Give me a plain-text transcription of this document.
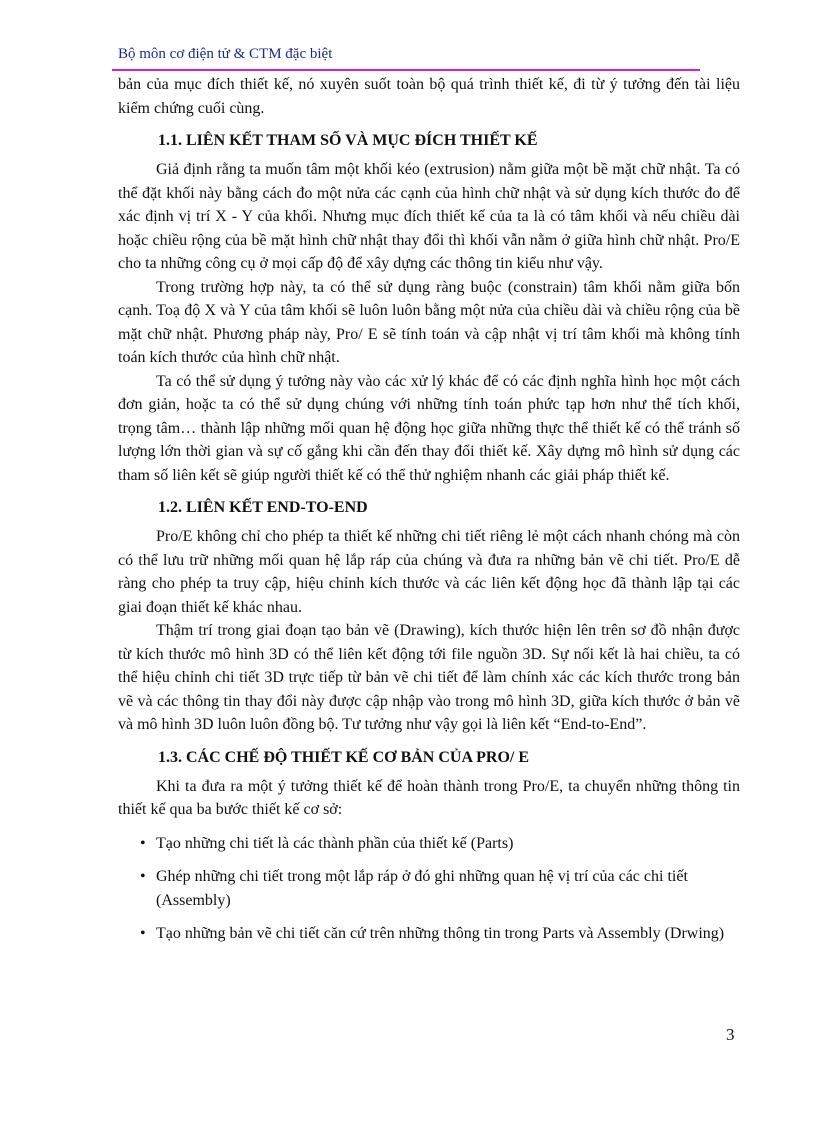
Bộ môn cơ điện tử & CTM đặc biệt

bản của mục đích thiết kế, nó xuyên suốt toàn bộ quá trình thiết kế, đi từ ý tưởng đến tài liệu kiểm chứng cuối cùng.

1.1. LIÊN KẾT THAM SỐ VÀ MỤC ĐÍCH THIẾT KẾ

Giả định rằng ta muốn tâm một khối kéo (extrusion) nằm giữa một bề mặt chữ nhật. Ta có thể đặt khối này bằng cách đo một nửa các cạnh của hình chữ nhật và sử dụng kích thước đo để xác định vị trí X - Y của khối. Nhưng mục đích thiết kế của ta là có tâm khối và nếu chiều dài hoặc chiều rộng của bề mặt hình chữ nhật thay đổi thì khối vẫn nằm ở giữa hình chữ nhật. Pro/E cho ta những công cụ ở mọi cấp độ để xây dựng các thông tin kiểu như vậy.

Trong trường hợp này, ta có thể sử dụng ràng buộc (constrain) tâm khối nằm giữa bốn cạnh. Toạ độ X và Y của tâm khối sẽ luôn luôn bằng một nửa của chiều dài và chiều rộng của bề mặt chữ nhật. Phương pháp này, Pro/ E sẽ tính toán và cập nhật vị trí tâm khối mà không tính toán kích thước của hình chữ nhật.

Ta có thể sử dụng ý tưởng này vào các xử lý khác để có các định nghĩa hình học một cách đơn giản, hoặc ta có thể sử dụng chúng với những tính toán phức tạp hơn như thể tích khối, trọng tâm… thành lập những mối quan hệ động học giữa những thực thể thiết kế có thể tránh số lượng lớn thời gian và sự cố gắng khi cần đến thay đổi thiết kế. Xây dựng mô hình sử dụng các tham số liên kết sẽ giúp người thiết kế có thể thử nghiệm nhanh các giải pháp thiết kế.

1.2. LIÊN KẾT END-TO-END

Pro/E không chỉ cho phép ta thiết kế những chi tiết riêng lẻ một cách nhanh chóng mà còn có thể lưu trữ những mối quan hệ lắp ráp của chúng và đưa ra những bản vẽ chi tiết. Pro/E dễ ràng cho phép ta truy cập, hiệu chỉnh kích thước và các liên kết động học đã thành lập tại các giai đoạn thiết kế khác nhau.

Thậm trí trong giai đoạn tạo bản vẽ (Drawing), kích thước hiện lên trên sơ đồ nhận được từ kích thước mô hình 3D có thể liên kết động tới file nguồn 3D. Sự nối kết là hai chiều, ta có thể hiệu chỉnh chi tiết 3D trực tiếp từ bản vẽ chi tiết để làm chính xác các kích thước trong bản vẽ và các thông tin thay đổi này được cập nhập vào trong mô hình 3D, giữa kích thước ở bản vẽ và mô hình 3D luôn luôn đồng bộ. Tư tưởng như vậy gọi là liên kết “End-to-End”.

1.3. CÁC CHẾ ĐỘ THIẾT KẾ CƠ BẢN CỦA PRO/ E

Khi ta đưa ra một ý tưởng thiết kế để hoàn thành trong Pro/E, ta chuyển những thông tin thiết kế qua ba bước thiết kế cơ sở:

• Tạo những chi tiết là các thành phần của thiết kế (Parts)
• Ghép những chi tiết trong một lắp ráp ở đó ghi những quan hệ vị trí của các chi tiết (Assembly)
• Tạo những bản vẽ chi tiết căn cứ trên những thông tin trong Parts và Assembly (Drwing)
3
